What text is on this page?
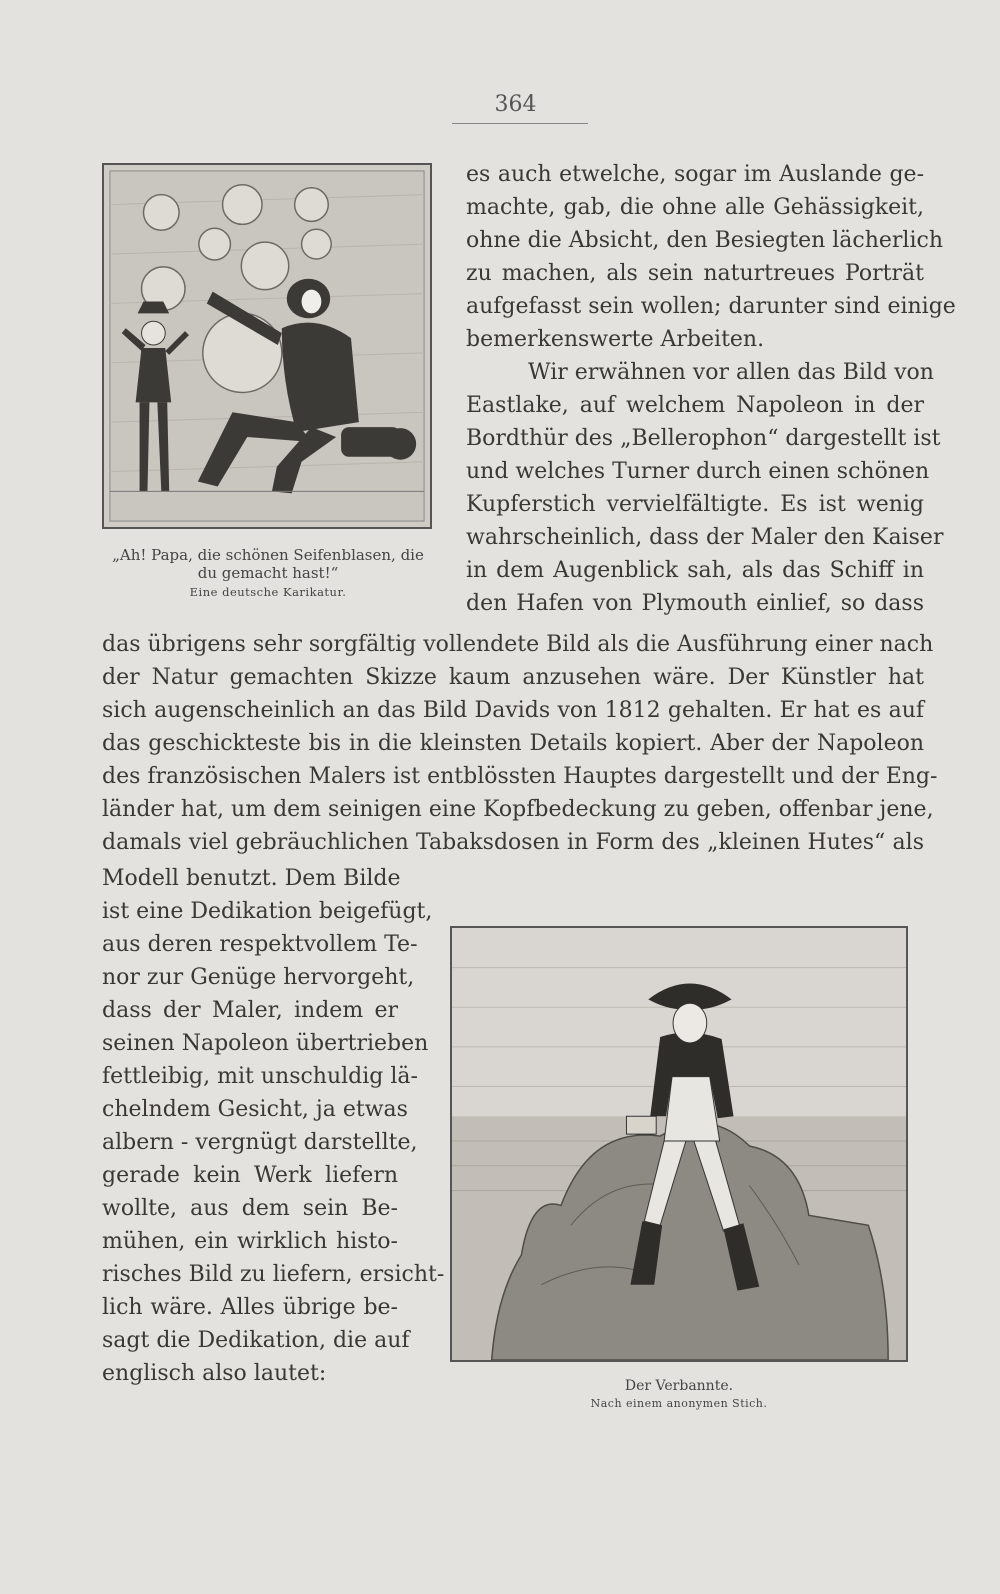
364
„Ah! Papa, die schönen Seifenblasen, die
du gemacht hast!“
Eine deutsche Karikatur.
es auch etwelche, sogar im Auslande ge-
machte, gab, die ohne alle Gehässigkeit,
ohne die Absicht, den Besiegten lächerlich
zu machen, als sein naturtreues Porträt
aufgefasst sein wollen; darunter sind einige
bemerkenswerte Arbeiten.
Wir erwähnen vor allen das Bild von
Eastlake, auf welchem Napoleon in der
Bordthür des „Bellerophon“ dargestellt ist
und welches Turner durch einen schönen
Kupferstich vervielfältigte. Es ist wenig
wahrscheinlich, dass der Maler den Kaiser
in dem Augenblick sah, als das Schiff in
den Hafen von Plymouth einlief, so dass
das übrigens sehr sorgfältig vollendete Bild als die Ausführung einer nach
der Natur gemachten Skizze kaum anzusehen wäre. Der Künstler hat
sich augenscheinlich an das Bild Davids von 1812 gehalten. Er hat es auf
das geschickteste bis in die kleinsten Details kopiert. Aber der Napoleon
des französischen Malers ist entblössten Hauptes dargestellt und der Eng-
länder hat, um dem seinigen eine Kopfbedeckung zu geben, offenbar jene,
damals viel gebräuchlichen Tabaksdosen in Form des „kleinen Hutes“ als
Modell benutzt. Dem Bilde
ist eine Dedikation beigefügt,
aus deren respektvollem Te-
nor zur Genüge hervorgeht,
dass der Maler, indem er
seinen Napoleon übertrieben
fettleibig, mit unschuldig lä-
chelndem Gesicht, ja etwas
albern - vergnügt darstellte,
gerade kein Werk liefern
wollte, aus dem sein Be-
mühen, ein wirklich histo-
risches Bild zu liefern, ersicht-
lich wäre. Alles übrige be-
sagt die Dedikation, die auf
englisch also lautet:	Der Verbannte.
Nach einem anonymen Stich.
